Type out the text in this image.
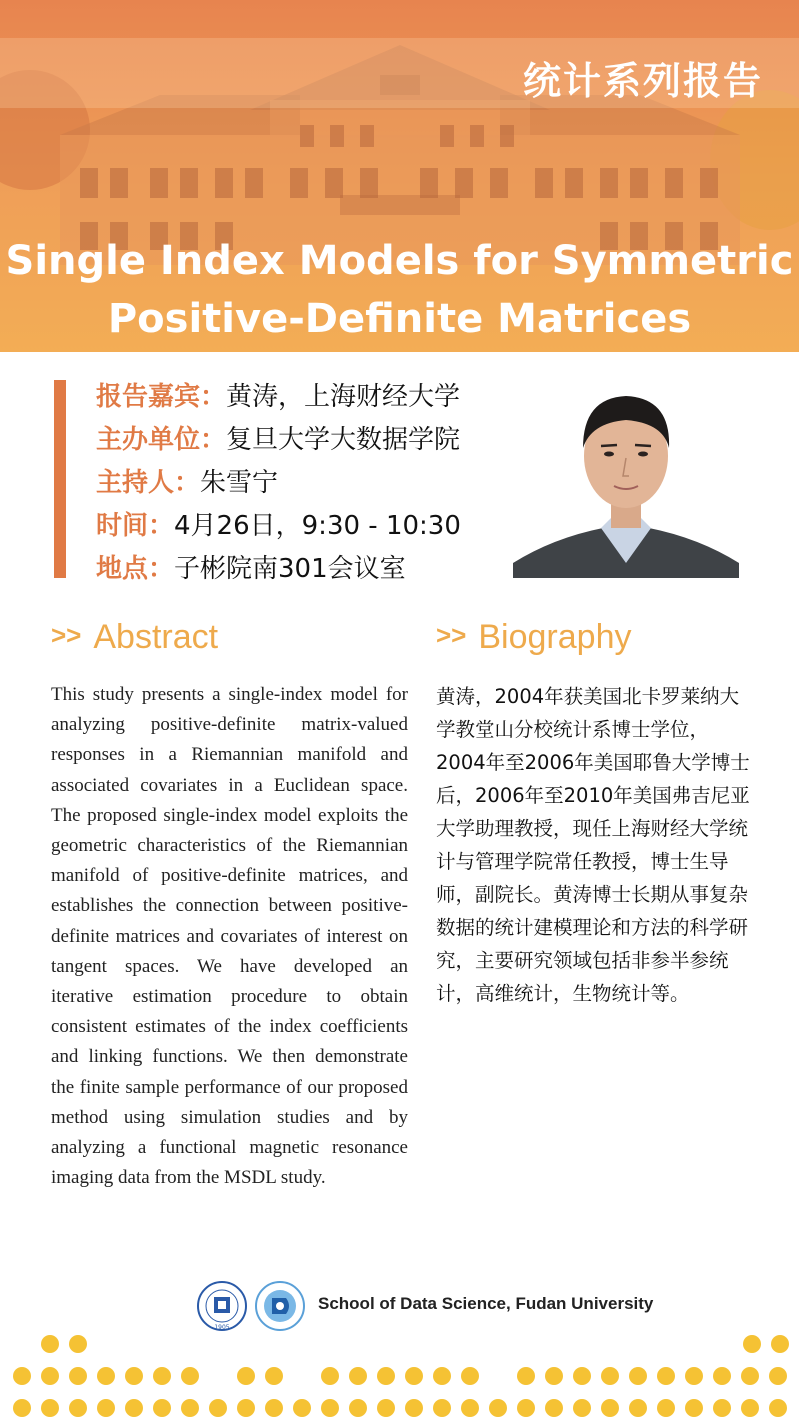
统计系列报告
Single Index Models for Symmetric
Positive-Definite Matrices
报告嘉宾：黄涛，上海财经大学
主办单位：复旦大学大数据学院
主持人：朱雪宁
时间：4月26日，9:30 - 10:30
地点：子彬院南301会议室
>> Abstract
This study presents a single-index model for analyzing positive-definite matrix-valued responses in a Riemannian manifold and associated covariates in a Euclidean space. The proposed single-index model exploits the geometric characteristics of the Riemannian manifold of positive-definite matrices, and establishes the connection between positive-definite matrices and covariates of interest on tangent spaces. We have developed an iterative estimation procedure to obtain consistent estimates of the index coefficients and linking functions. We then demonstrate the finite sample performance of our proposed method using simulation studies and by analyzing a functional magnetic resonance imaging data from the MSDL study.
>> Biography
黄涛，2004年获美国北卡罗莱纳大学教堂山分校统计系博士学位，2004年至2006年美国耶鲁大学博士后，2006年至2010年美国弗吉尼亚大学助理教授，现任上海财经大学统计与管理学院常任教授，博士生导师，副院长。黄涛博士长期从事复杂数据的统计建模理论和方法的科学研究，主要研究领域包括非参半参统计，高维统计，生物统计等。
1905
School of Data Science, Fudan University
